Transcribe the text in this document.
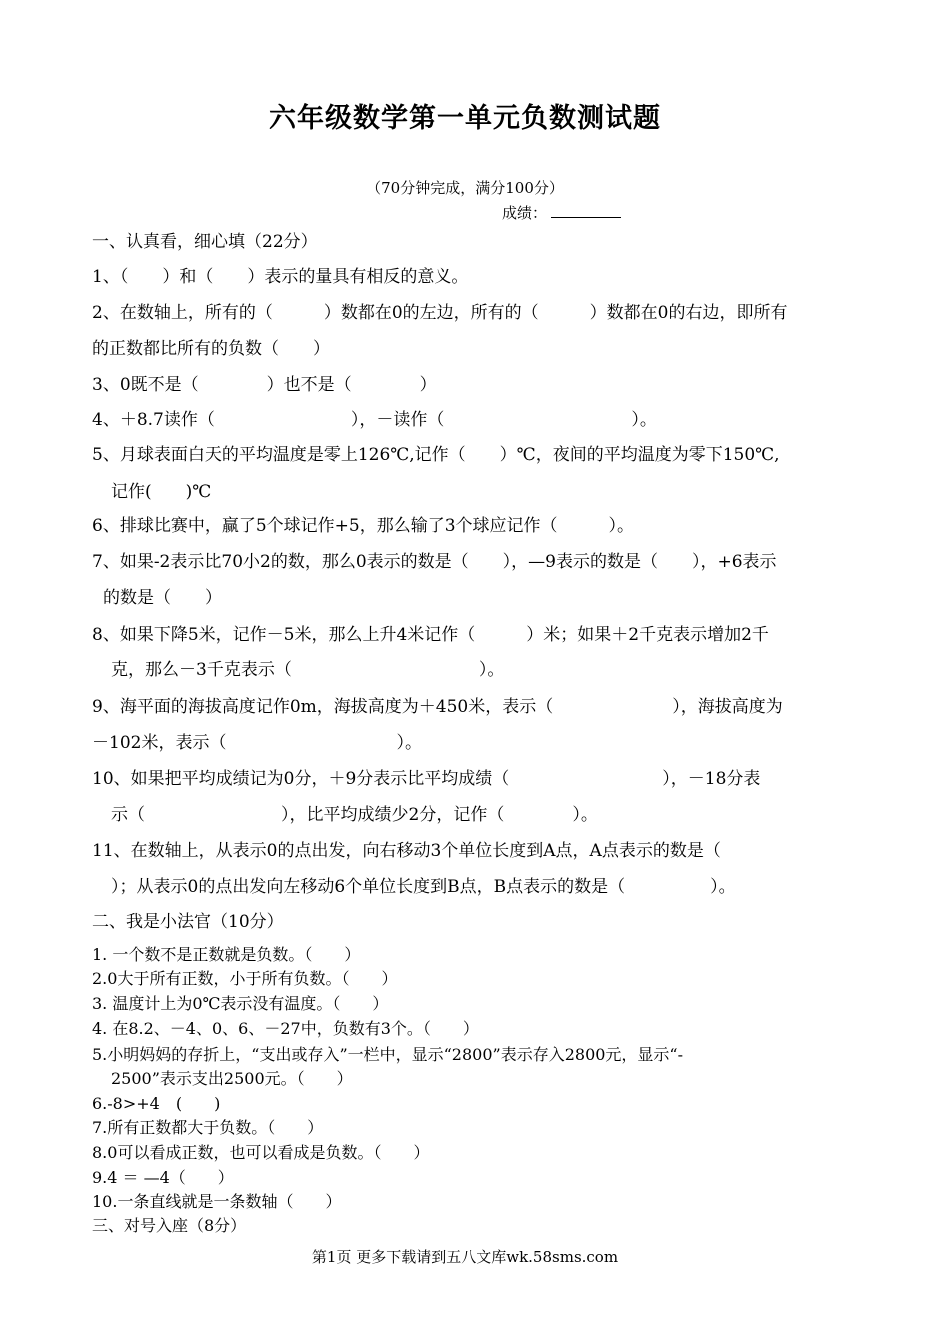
六年级数学第一单元负数测试题
（70分钟完成，满分100分）
成绩：
一、认真看，细心填（22分）
1、（　　）和（　　）表示的量具有相反的意义。
2、在数轴上，所有的（　　　）数都在0的左边，所有的（　　　）数都在0的右边，即所有
的正数都比所有的负数（　　）
3、0既不是（　　　　）也不是（　　　　）
4、＋8.7读作（　　　　　　　　），－读作（　　　　　　　　　　　）。
5、月球表面白天的平均温度是零上126℃,记作（　　）℃，夜间的平均温度为零下150℃,
记作(　　)℃
6、排球比赛中，赢了5个球记作+5，那么输了3个球应记作（　　　）。
7、如果-2表示比70小2的数，那么0表示的数是（　　），—9表示的数是（　　），+6表示
的数是（　　）
8、如果下降5米，记作－5米，那么上升4米记作（　　　）米；如果＋2千克表示增加2千
克，那么－3千克表示（　　　　　　　　　　　）。
9、海平面的海拔高度记作0m，海拔高度为＋450米，表示（　　　　　　　），海拔高度为
－102米，表示（　　　　　　　　　　）。
10、如果把平均成绩记为0分，＋9分表示比平均成绩（　　　　　　　　　），－18分表
示（　　　　　　　　），比平均成绩少2分，记作（　　　　）。
11、在数轴上，从表示0的点出发，向右移动3个单位长度到A点，A点表示的数是（
）；从表示0的点出发向左移动6个单位长度到B点，B点表示的数是（　　　　　）。
二、我是小法官（10分）
1. 一个数不是正数就是负数。（　　）
2.0大于所有正数，小于所有负数。（　　）
3. 温度计上为0℃表示没有温度。（　　）
4. 在8.2、－4、0、6、－27中，负数有3个。（　　）
5.小明妈妈的存折上，“支出或存入”一栏中，显示“2800”表示存入2800元，显示“-
2500”表示支出2500元。（　　）
6.-8>+4　(　　)
7.所有正数都大于负数。（　　）
8.0可以看成正数，也可以看成是负数。（　　）
9.4 ＝ —4（　　）
10.一条直线就是一条数轴（　　）
三、对号入座（8分）
第1页 更多下载请到五八文库wk.58sms.com
